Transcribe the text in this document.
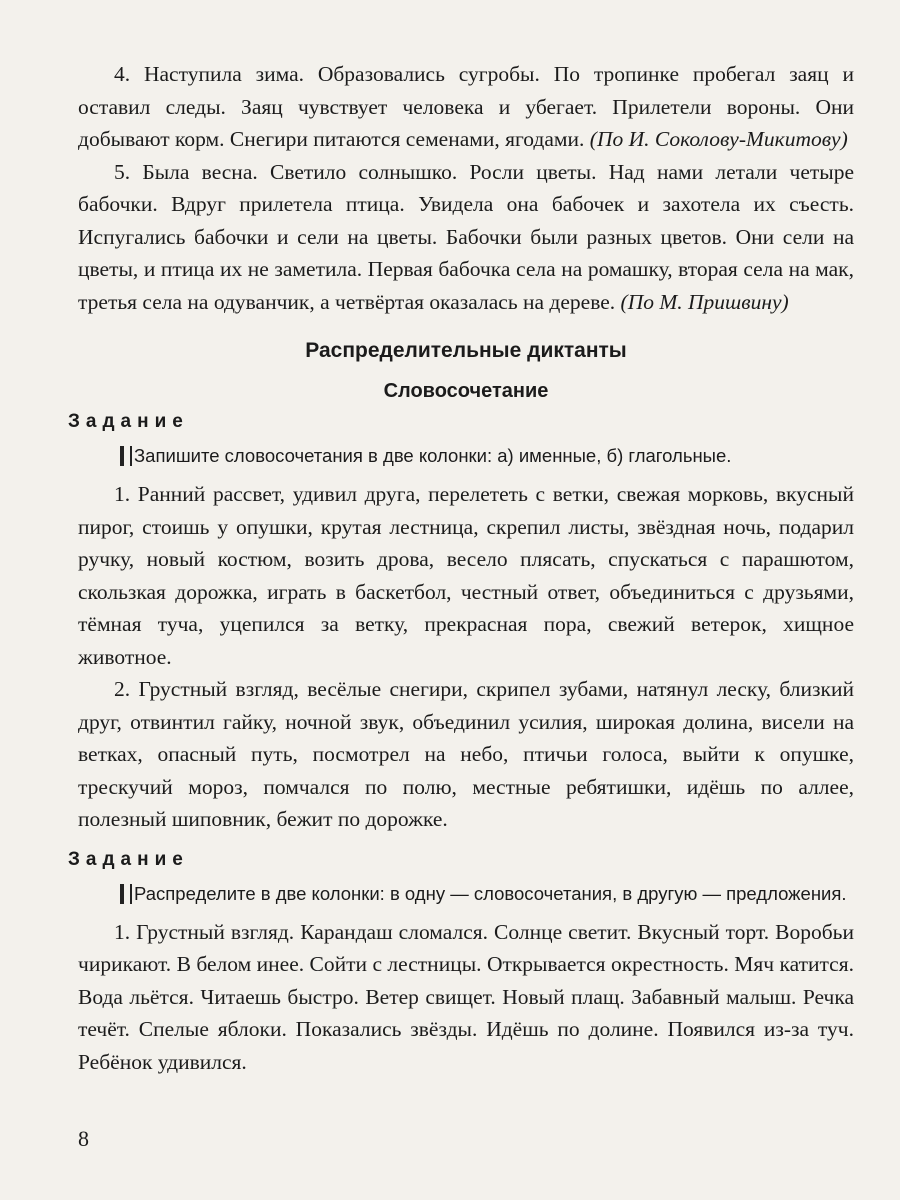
4. Наступила зима. Образовались сугробы. По тропинке пробегал заяц и оставил следы. Заяц чувствует человека и убегает. Прилетели вороны. Они добывают корм. Снегири питаются семенами, ягодами. (По И. Соколову-Микитову)

5. Была весна. Светило солнышко. Росли цветы. Над нами летали четыре бабочки. Вдруг прилетела птица. Увидела она бабочек и захотела их съесть. Испугались бабочки и сели на цветы. Бабочки были разных цветов. Они сели на цветы, и птица их не заметила. Первая бабочка села на ромашку, вторая села на мак, третья села на одуванчик, а четвёртая оказалась на дереве. (По М. Пришвину)

Распределительные диктанты
Словосочетание
Задание
Запишите словосочетания в две колонки: а) именные, б) глагольные.

1. Ранний рассвет, удивил друга, перелететь с ветки, свежая морковь, вкусный пирог, стоишь у опушки, крутая лестница, скрепил листы, звёздная ночь, подарил ручку, новый костюм, возить дрова, весело плясать, спускаться с парашютом, скользкая дорожка, играть в баскетбол, честный ответ, объединиться с друзьями, тёмная туча, уцепился за ветку, прекрасная пора, свежий ветерок, хищное животное.

2. Грустный взгляд, весёлые снегири, скрипел зубами, натянул леску, близкий друг, отвинтил гайку, ночной звук, объединил усилия, широкая долина, висели на ветках, опасный путь, посмотрел на небо, птичьи голоса, выйти к опушке, трескучий мороз, помчался по полю, местные ребятишки, идёшь по аллее, полезный шиповник, бежит по дорожке.

Задание
Распределите в две колонки: в одну — словосочетания, в другую — предложения.

1. Грустный взгляд. Карандаш сломался. Солнце светит. Вкусный торт. Воробьи чирикают. В белом инее. Сойти с лестницы. Открывается окрестность. Мяч катится. Вода льётся. Читаешь быстро. Ветер свищет. Новый плащ. Забавный малыш. Речка течёт. Спелые яблоки. Показались звёзды. Идёшь по долине. Появился из-за туч. Ребёнок удивился.

8
